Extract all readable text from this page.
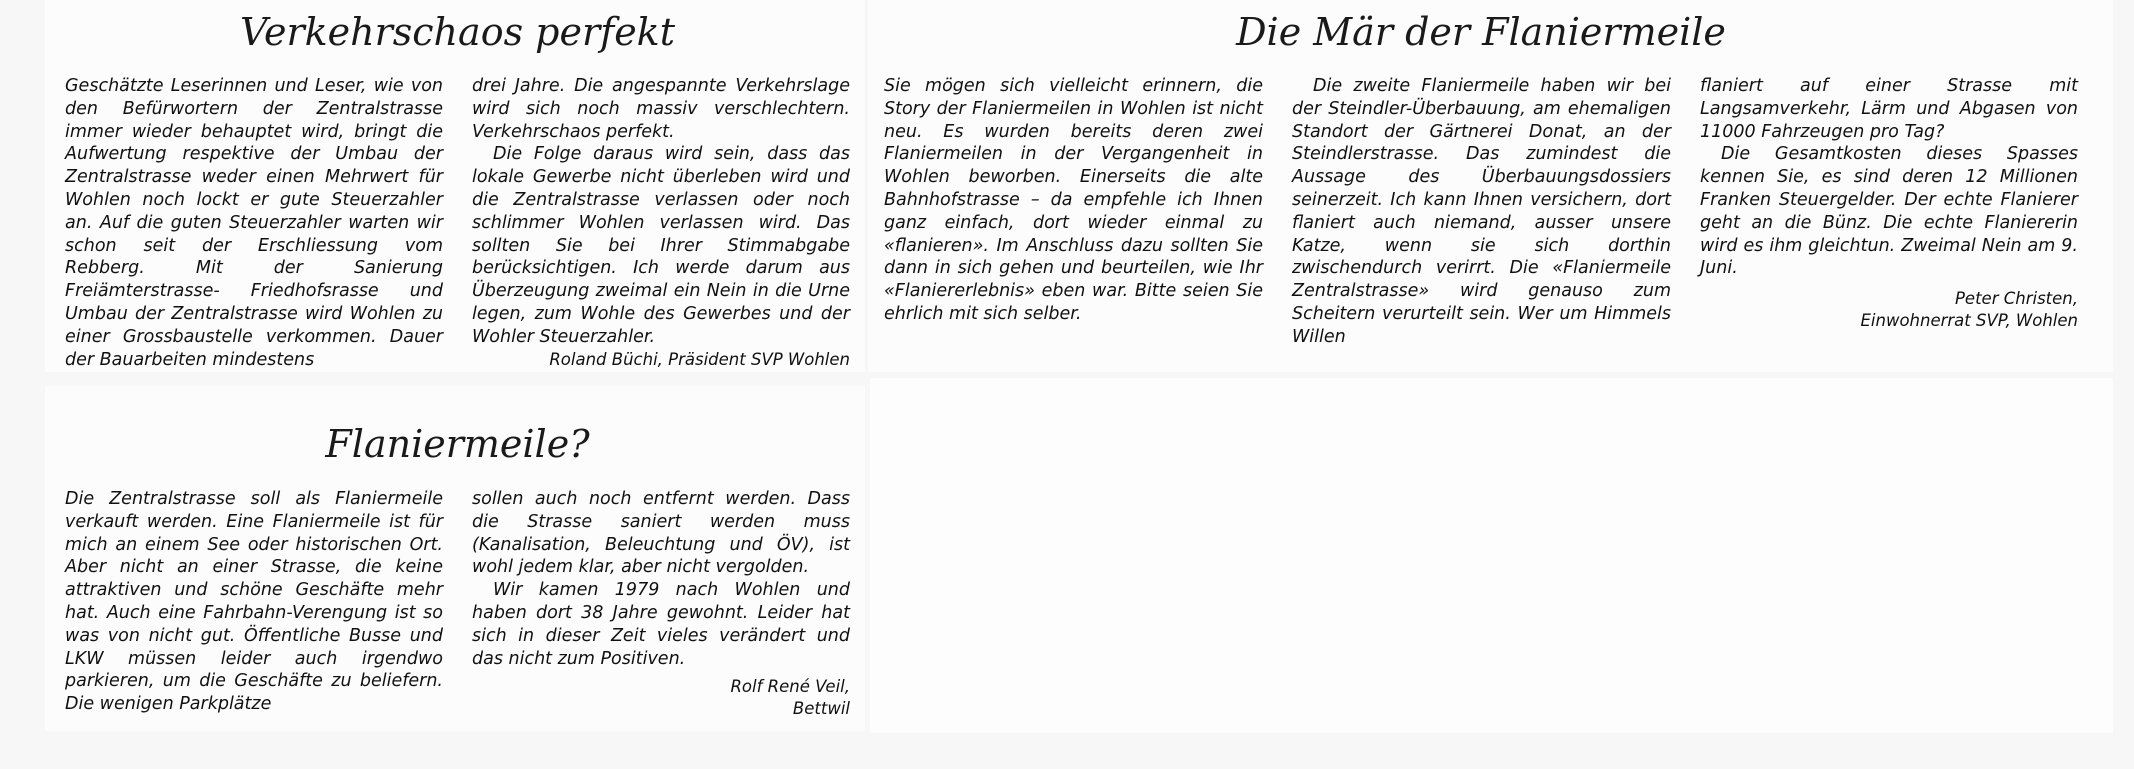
Verkehrschaos perfekt

Geschätzte Leserinnen und Leser, wie von den Befürwortern der Zentralstrasse immer wieder behauptet wird, bringt die Aufwertung respektive der Umbau der Zentralstrasse weder einen Mehrwert für Wohlen noch lockt er gute Steuerzahler an. Auf die guten Steuerzahler warten wir schon seit der Erschliessung vom Rebberg. Mit der Sanierung Freiämterstrasse- Friedhofsrasse und Umbau der Zentralstrasse wird Wohlen zu einer Grossbaustelle verkommen. Dauer der Bauarbeiten mindestens

drei Jahre. Die angespannte Verkehrslage wird sich noch massiv verschlechtern. Verkehrschaos perfekt.

Die Folge daraus wird sein, dass das lokale Gewerbe nicht überleben wird und die Zentralstrasse verlassen oder noch schlimmer Wohlen verlassen wird. Das sollten Sie bei Ihrer Stimmabgabe berücksichtigen. Ich werde darum aus Überzeugung zweimal ein Nein in die Urne legen, zum Wohle des Gewerbes und der Wohler Steuerzahler.

Roland Büchi, Präsident SVP Wohlen
Die Mär der Flaniermeile

Sie mögen sich vielleicht erinnern, die Story der Flaniermeilen in Wohlen ist nicht neu. Es wurden bereits deren zwei Flaniermeilen in der Vergangenheit in Wohlen beworben. Einerseits die alte Bahnhofstrasse – da empfehle ich Ihnen ganz einfach, dort wieder einmal zu «flanieren». Im Anschluss dazu sollten Sie dann in sich gehen und beurteilen, wie Ihr «Flaniererlebnis» eben war. Bitte seien Sie ehrlich mit sich selber.

Die zweite Flaniermeile haben wir bei der Steindler-Überbauung, am ehemaligen Standort der Gärtnerei Donat, an der Steindlerstrasse. Das zumindest die Aussage des Überbauungsdossiers seinerzeit. Ich kann Ihnen versichern, dort flaniert auch niemand, ausser unsere Katze, wenn sie sich dorthin zwischendurch verirrt. Die «Flaniermeile Zentralstrasse» wird genauso zum Scheitern verurteilt sein. Wer um Himmels Willen

flaniert auf einer Strasse mit Langsamverkehr, Lärm und Abgasen von 11000 Fahrzeugen pro Tag?

Die Gesamtkosten dieses Spasses kennen Sie, es sind deren 12 Millionen Franken Steuergelder. Der echte Flanierer geht an die Bünz. Die echte Flaniererin wird es ihm gleichtun. Zweimal Nein am 9. Juni.

Peter Christen,
Einwohnerrat SVP, Wohlen
Flaniermeile?

Die Zentralstrasse soll als Flaniermeile verkauft werden. Eine Flaniermeile ist für mich an einem See oder historischen Ort. Aber nicht an einer Strasse, die keine attraktiven und schöne Geschäfte mehr hat. Auch eine Fahrbahn-Verengung ist so was von nicht gut. Öffentliche Busse und LKW müssen leider auch irgendwo parkieren, um die Geschäfte zu beliefern. Die wenigen Parkplätze

sollen auch noch entfernt werden. Dass die Strasse saniert werden muss (Kanalisation, Beleuchtung und ÖV), ist wohl jedem klar, aber nicht vergolden.

Wir kamen 1979 nach Wohlen und haben dort 38 Jahre gewohnt. Leider hat sich in dieser Zeit vieles verändert und das nicht zum Positiven.

Rolf René Veil,
Bettwil
